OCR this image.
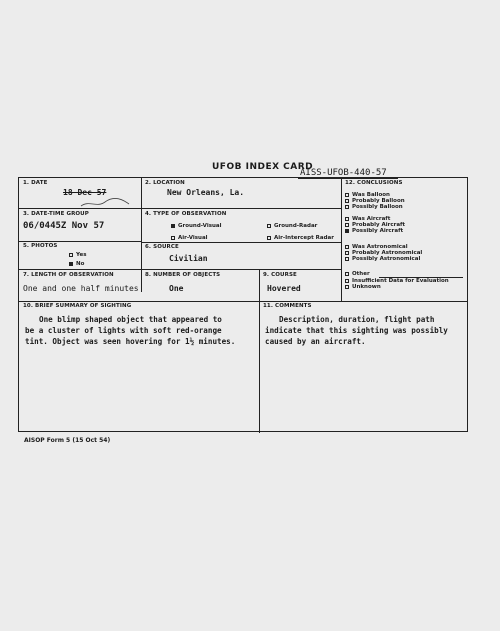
UFOB INDEX CARD
AISS-UFOB-440-57
1. DATE
18 Dec 57
2. LOCATION
New Orleans, La.
3. DATE-TIME GROUP
06/0445Z Nov 57
4. TYPE OF OBSERVATION
Ground-Visual	Ground-Radar
Air-Visual	Air-Intercept Radar
5. PHOTOS
Yes
No
6. SOURCE
Civilian
7. LENGTH OF OBSERVATION
One and one half minutes
8. NUMBER OF OBJECTS
One
9. COURSE
Hovered
10. BRIEF SUMMARY OF SIGHTING
One blimp shaped object that appeared to
be a cluster of lights with soft red-orange
tint. Object was seen hovering for 1½ minutes.
11. COMMENTS
Description, duration, flight path
indicate that this sighting was possibly
caused by an aircraft.
12. CONCLUSIONS
Was Balloon
Probably Balloon
Possibly Balloon
Was Aircraft
Probably Aircraft
Possibly Aircraft
Was Astronomical
Probably Astronomical
Possibly Astronomical
Other
Insufficient Data for Evaluation
Unknown
AISOP Form 5 (15 Oct 54)
